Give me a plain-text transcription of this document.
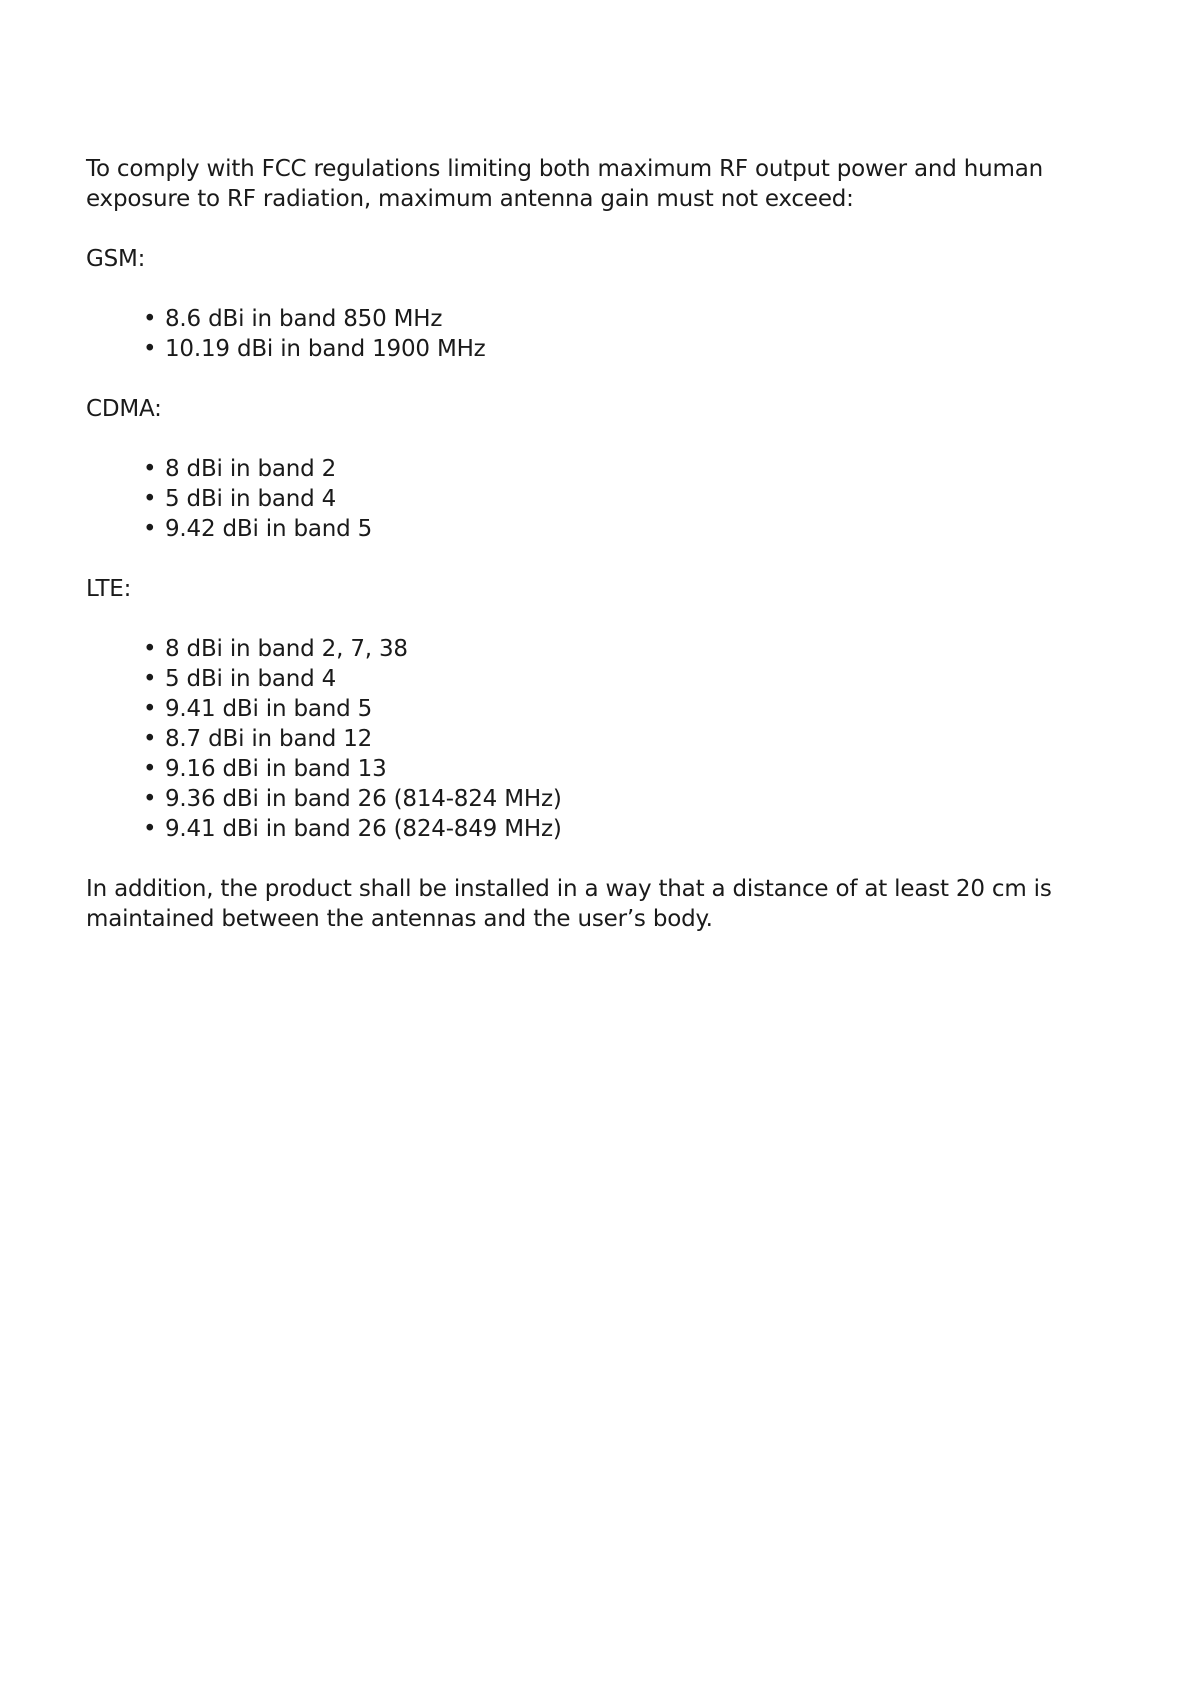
To comply with FCC regulations limiting both maximum RF output power and human exposure to RF radiation, maximum antenna gain must not exceed:

GSM:

• 8.6 dBi in band 850 MHz
• 10.19 dBi in band 1900 MHz

CDMA:

• 8 dBi in band 2
• 5 dBi in band 4
• 9.42 dBi in band 5

LTE:

• 8 dBi in band 2, 7, 38
• 5 dBi in band 4
• 9.41 dBi in band 5
• 8.7 dBi in band 12
• 9.16 dBi in band 13
• 9.36 dBi in band 26 (814-824 MHz)
• 9.41 dBi in band 26 (824-849 MHz)

In addition, the product shall be installed in a way that a distance of at least 20 cm is maintained between the antennas and the user’s body.
